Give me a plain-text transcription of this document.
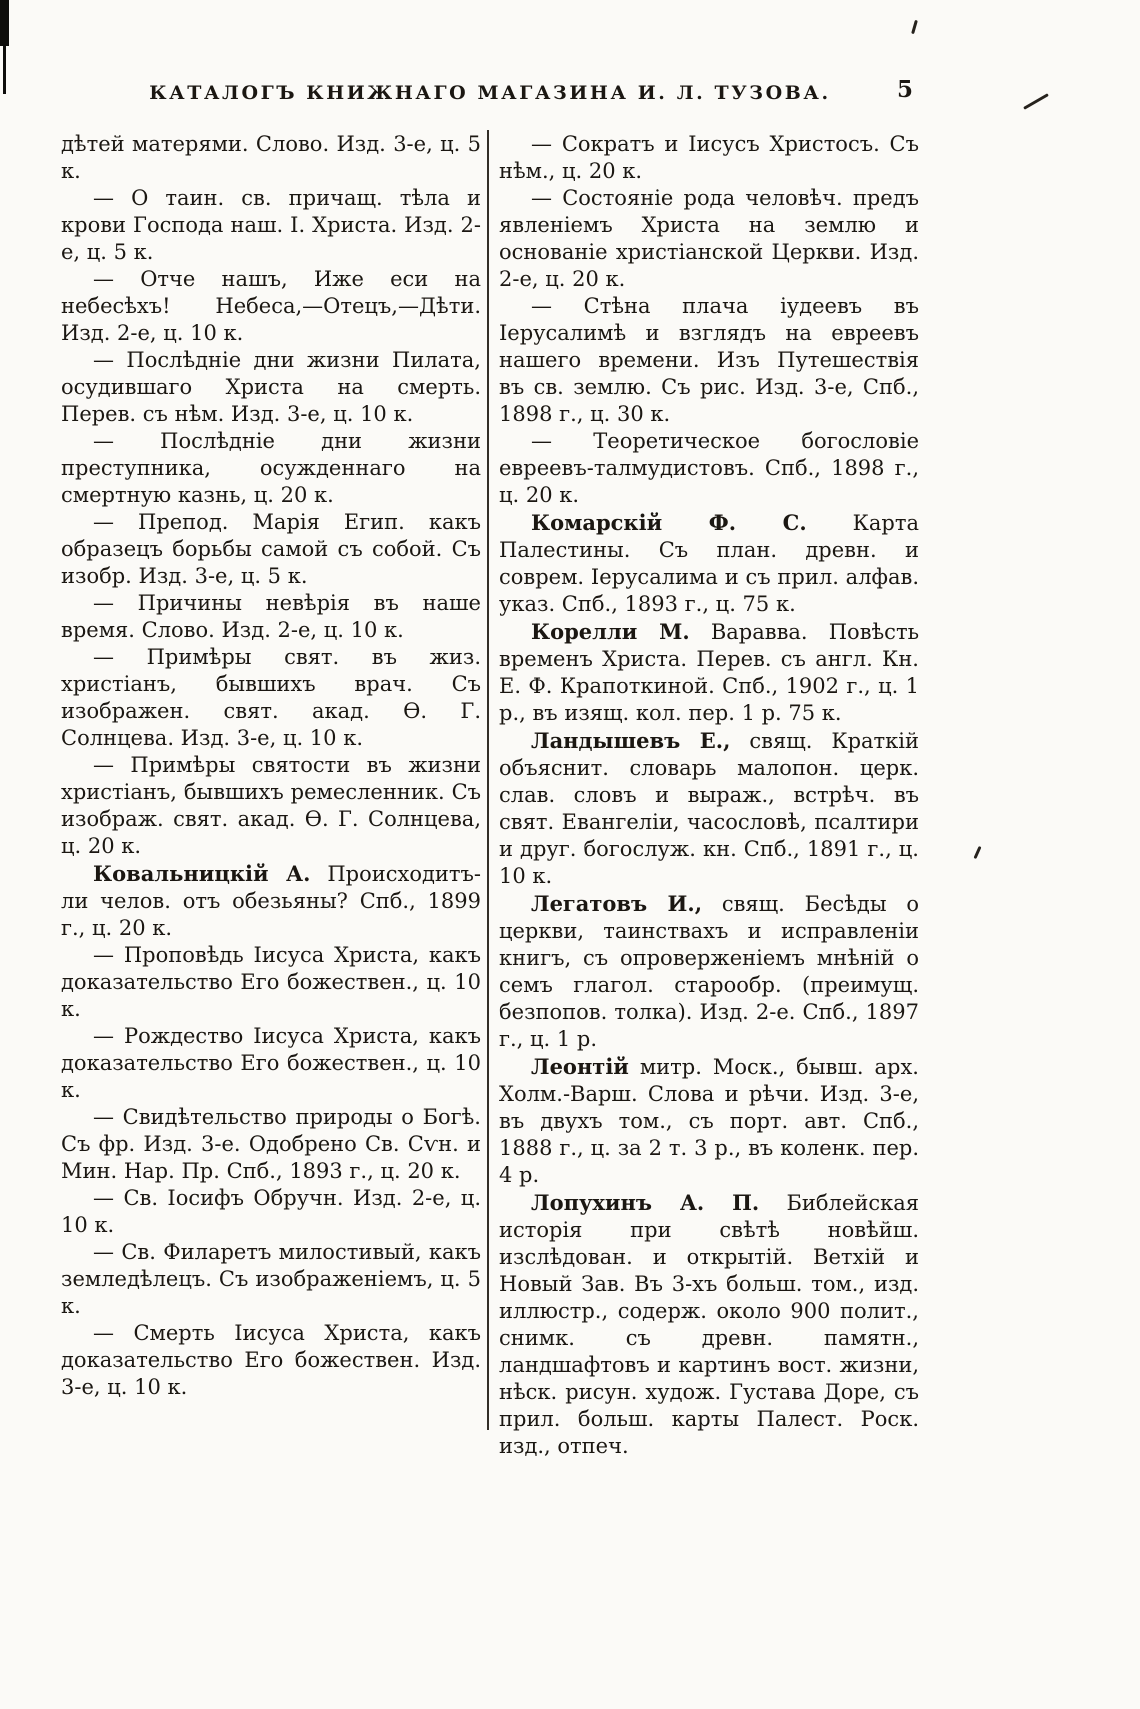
КАТАЛОГЪ КНИЖНАГО МАГАЗИНА И. Л. ТУЗОВА.	5

дѣтей матерями. Слово. Изд. 3-е, ц. 5 к.

— О таин. св. причащ. тѣла и крови Господа наш. І. Христа. Изд. 2-е, ц. 5 к.

— Отче нашъ, Иже еси на небесѣхъ! Небеса,—Отецъ,—Дѣти. Изд. 2-е, ц. 10 к.

— Послѣдніе дни жизни Пилата, осудившаго Христа на смерть. Перев. съ нѣм. Изд. 3-е, ц. 10 к.

— Послѣдніе дни жизни преступника, осужденнаго на смертную казнь, ц. 20 к.

— Препод. Марія Егип. какъ образецъ борьбы самой съ собой. Съ изобр. Изд. 3-е, ц. 5 к.

— Причины невѣрія въ наше время. Слово. Изд. 2-е, ц. 10 к.

— Примѣры свят. въ жиз. христіанъ, бывшихъ врач. Съ изображен. свят. акад. Ѳ. Г. Солнцева. Изд. 3-е, ц. 10 к.

— Примѣры святости въ жизни христіанъ, бывшихъ ремесленник. Съ изображ. свят. акад. Ѳ. Г. Солнцева, ц. 20 к.

Ковальницкій А. Происходитъ-ли челов. отъ обезьяны? Спб., 1899 г., ц. 20 к.

— Проповѣдь Іисуса Христа, какъ доказательство Его божествен., ц. 10 к.

— Рождество Іисуса Христа, какъ доказательство Его божествен., ц. 10 к.

— Свидѣтельство природы о Богѣ. Съ фр. Изд. 3-е. Одобрено Св. Сѵн. и Мин. Нар. Пр. Спб., 1893 г., ц. 20 к.

— Св. Іосифъ Обручн. Изд. 2-е, ц. 10 к.

— Св. Филаретъ милостивый, какъ земледѣлецъ. Съ изображеніемъ, ц. 5 к.

— Смерть Іисуса Христа, какъ доказательство Его божествен. Изд. 3-е, ц. 10 к.

— Сократъ и Іисусъ Христосъ. Съ нѣм., ц. 20 к.

— Состояніе рода человѣч. предъ явленіемъ Христа на землю и основаніе христіанской Церкви. Изд. 2-е, ц. 20 к.

— Стѣна плача іудеевъ въ Іерусалимѣ и взглядъ на евреевъ нашего времени. Изъ Путешествія въ св. землю. Съ рис. Изд. 3-е, Спб., 1898 г., ц. 30 к.

— Теоретическое богословіе евреевъ-талмудистовъ. Спб., 1898 г., ц. 20 к.

Комарскій Ф. С. Карта Палестины. Съ план. древн. и соврем. Іерусалима и съ прил. алфав. указ. Спб., 1893 г., ц. 75 к.

Корелли М. Варавва. Повѣсть временъ Христа. Перев. съ англ. Кн. Е. Ф. Крапоткиной. Спб., 1902 г., ц. 1 р., въ изящ. кол. пер. 1 р. 75 к.

Ландышевъ Е., свящ. Краткій объяснит. словарь малопон. церк. слав. словъ и выраж., встрѣч. въ свят. Евангеліи, часословѣ, псалтири и друг. богослуж. кн. Спб., 1891 г., ц. 10 к.

Легатовъ И., свящ. Бесѣды о церкви, таинствахъ и исправленіи книгъ, съ опроверженіемъ мнѣній о семъ глагол. старообр. (преимущ. безпопов. толка). Изд. 2-е. Спб., 1897 г., ц. 1 р.

Леонтій митр. Моск., бывш. арх. Холм.-Варш. Слова и рѣчи. Изд. 3-е, въ двухъ том., съ порт. авт. Спб., 1888 г., ц. за 2 т. 3 р., въ коленк. пер. 4 р.

Лопухинъ А. П. Библейская исторія при свѣтѣ новѣйш. изслѣдован. и открытій. Ветхій и Новый Зав. Въ 3-хъ больш. том., изд. иллюстр., содерж. около 900 полит., снимк. съ древн. памятн., ландшафтовъ и картинъ вост. жизни, нѣск. рисун. худож. Густава Доре, съ прил. больш. карты Палест. Роск. изд., отпеч.
